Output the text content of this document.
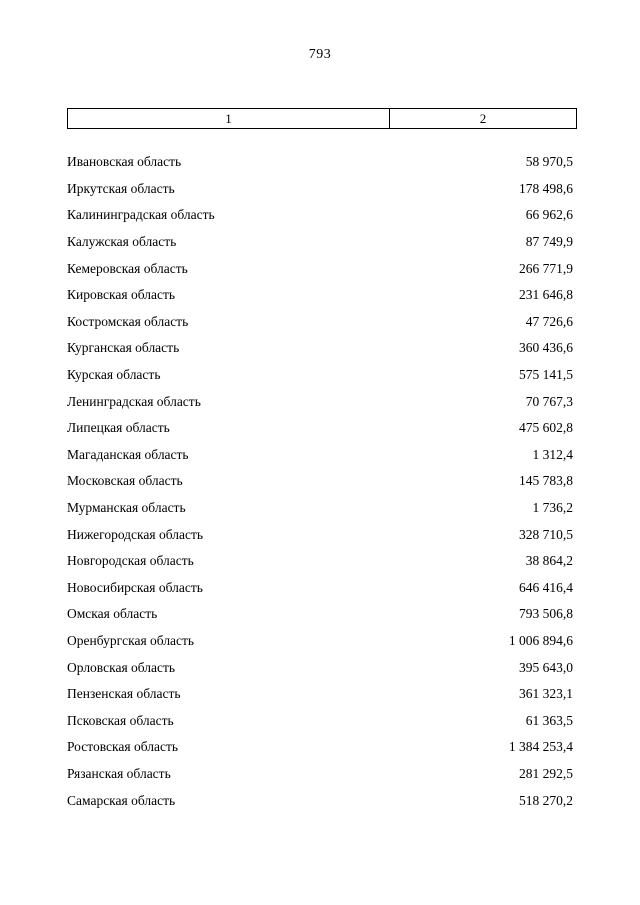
793
1	2
Ивановская область	58 970,5
Иркутская область	178 498,6
Калининградская область	66 962,6
Калужская область	87 749,9
Кемеровская область	266 771,9
Кировская область	231 646,8
Костромская область	47 726,6
Курганская область	360 436,6
Курская область	575 141,5
Ленинградская область	70 767,3
Липецкая область	475 602,8
Магаданская область	1 312,4
Московская область	145 783,8
Мурманская область	1 736,2
Нижегородская область	328 710,5
Новгородская область	38 864,2
Новосибирская область	646 416,4
Омская область	793 506,8
Оренбургская область	1 006 894,6
Орловская область	395 643,0
Пензенская область	361 323,1
Псковская область	61 363,5
Ростовская область	1 384 253,4
Рязанская область	281 292,5
Самарская область	518 270,2
